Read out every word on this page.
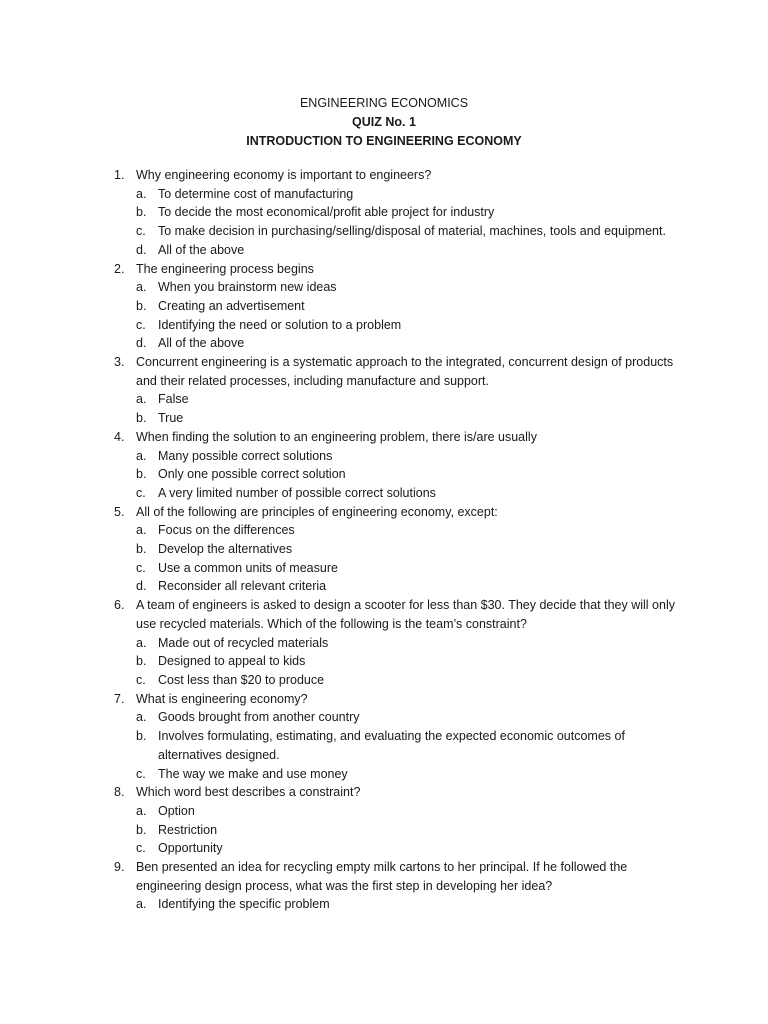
ENGINEERING ECONOMICS
QUIZ No. 1
INTRODUCTION TO ENGINEERING ECONOMY
1. Why engineering economy is important to engineers?
a. To determine cost of manufacturing
b. To decide the most economical/profit able project for industry
c. To make decision in purchasing/selling/disposal of material, machines, tools and equipment.
d. All of the above
2. The engineering process begins
a. When you brainstorm new ideas
b. Creating an advertisement
c. Identifying the need or solution to a problem
d. All of the above
3. Concurrent engineering is a systematic approach to the integrated, concurrent design of products and their related processes, including manufacture and support.
a. False
b. True
4. When finding the solution to an engineering problem, there is/are usually
a. Many possible correct solutions
b. Only one possible correct solution
c. A very limited number of possible correct solutions
5. All of the following are principles of engineering economy, except:
a. Focus on the differences
b. Develop the alternatives
c. Use a common units of measure
d. Reconsider all relevant criteria
6. A team of engineers is asked to design a scooter for less than $30. They decide that they will only use recycled materials. Which of the following is the team’s constraint?
a. Made out of recycled materials
b. Designed to appeal to kids
c. Cost less than $20 to produce
7. What is engineering economy?
a. Goods brought from another country
b. Involves formulating, estimating, and evaluating the expected economic outcomes of alternatives designed.
c. The way we make and use money
8. Which word best describes a constraint?
a. Option
b. Restriction
c. Opportunity
9. Ben presented an idea for recycling empty milk cartons to her principal. If he followed the engineering design process, what was the first step in developing her idea?
a. Identifying the specific problem
